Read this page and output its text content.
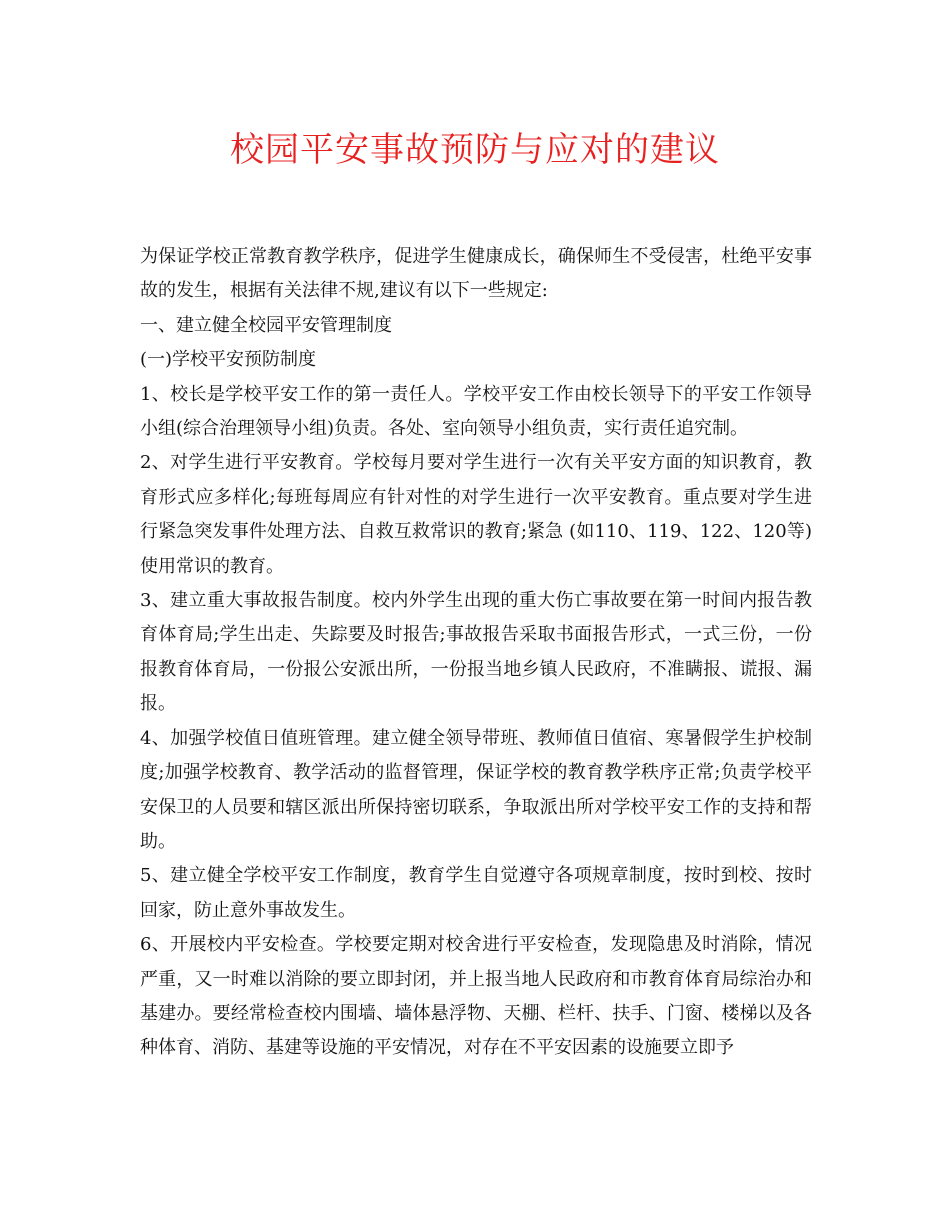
校园平安事故预防与应对的建议

为保证学校正常教育教学秩序，促进学生健康成长，确保师生不受侵害，杜绝平安事故的发生，根据有关法律不规,建议有以下一些规定:

一、建立健全校园平安管理制度

(一)学校平安预防制度

1、校长是学校平安工作的第一责任人。学校平安工作由校长领导下的平安工作领导小组(综合治理领导小组)负责。各处、室向领导小组负责，实行责任追究制。

2、对学生进行平安教育。学校每月要对学生进行一次有关平安方面的知识教育，教育形式应多样化;每班每周应有针对性的对学生进行一次平安教育。重点要对学生进行紧急突发事件处理方法、自救互救常识的教育;紧急 (如110、119、122、120等)使用常识的教育。

3、建立重大事故报告制度。校内外学生出现的重大伤亡事故要在第一时间内报告教育体育局;学生出走、失踪要及时报告;事故报告采取书面报告形式，一式三份，一份报教育体育局，一份报公安派出所，一份报当地乡镇人民政府，不准瞒报、谎报、漏报。

4、加强学校值日值班管理。建立健全领导带班、教师值日值宿、寒暑假学生护校制度;加强学校教育、教学活动的监督管理，保证学校的教育教学秩序正常;负责学校平安保卫的人员要和辖区派出所保持密切联系，争取派出所对学校平安工作的支持和帮助。

5、建立健全学校平安工作制度，教育学生自觉遵守各项规章制度，按时到校、按时回家，防止意外事故发生。

6、开展校内平安检查。学校要定期对校舍进行平安检查，发现隐患及时消除，情况严重，又一时难以消除的要立即封闭，并上报当地人民政府和市教育体育局综治办和基建办。要经常检查校内围墙、墙体悬浮物、天棚、栏杆、扶手、门窗、楼梯以及各种体育、消防、基建等设施的平安情况，对存在不平安因素的设施要立即予
